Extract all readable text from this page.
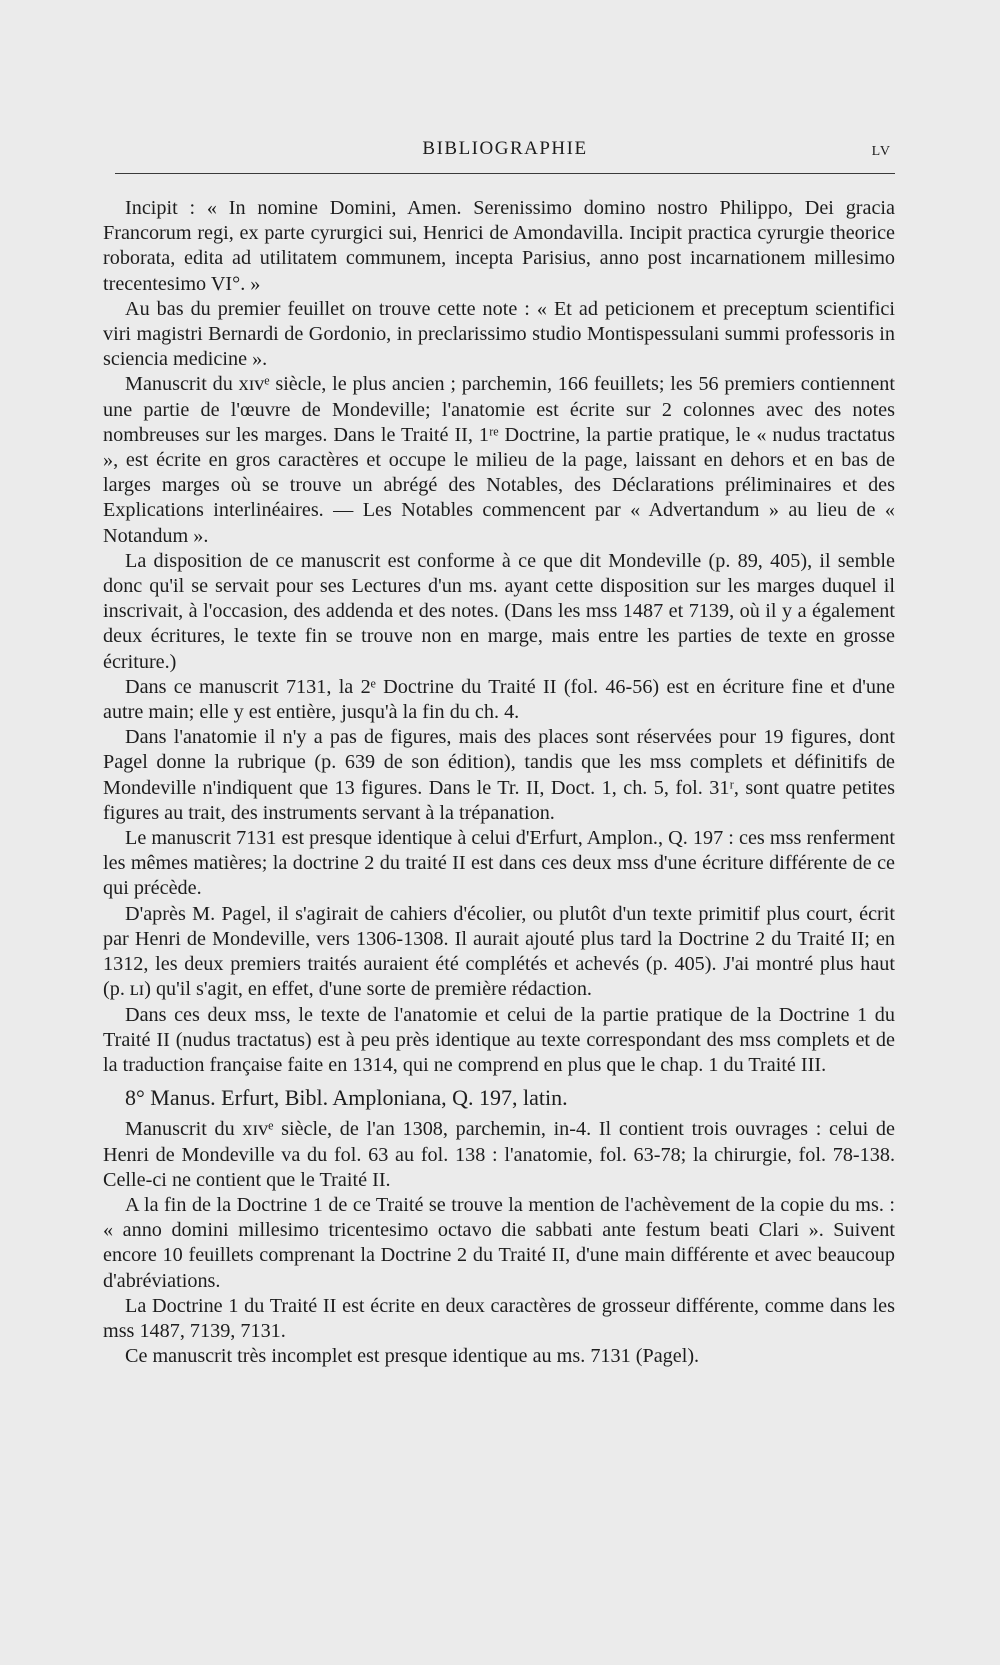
BIBLIOGRAPHIE	LV

Incipit : « In nomine Domini, Amen. Serenissimo domino nostro Philippo, Dei gracia Francorum regi, ex parte cyrurgici sui, Henrici de Amondavilla. Incipit practica cyrurgie theorice roborata, edita ad utilitatem communem, incepta Parisius, anno post incarnationem millesimo trecentesimo VI°. »

Au bas du premier feuillet on trouve cette note : « Et ad peticionem et preceptum scientifici viri magistri Bernardi de Gordonio, in preclarissimo studio Montispessulani summi professoris in sciencia medicine ».

Manuscrit du xɪvᵉ siècle, le plus ancien ; parchemin, 166 feuillets; les 56 premiers contiennent une partie de l'œuvre de Mondeville; l'anatomie est écrite sur 2 colonnes avec des notes nombreuses sur les marges. Dans le Traité II, 1ʳᵉ Doctrine, la partie pratique, le « nudus tractatus », est écrite en gros caractères et occupe le milieu de la page, laissant en dehors et en bas de larges marges où se trouve un abrégé des Notables, des Déclarations préliminaires et des Explications interlinéaires. — Les Notables commencent par « Advertandum » au lieu de « Notandum ».

La disposition de ce manuscrit est conforme à ce que dit Mondeville (p. 89, 405), il semble donc qu'il se servait pour ses Lectures d'un ms. ayant cette disposition sur les marges duquel il inscrivait, à l'occasion, des addenda et des notes. (Dans les mss 1487 et 7139, où il y a également deux écritures, le texte fin se trouve non en marge, mais entre les parties de texte en grosse écriture.)

Dans ce manuscrit 7131, la 2ᵉ Doctrine du Traité II (fol. 46-56) est en écriture fine et d'une autre main; elle y est entière, jusqu'à la fin du ch. 4.

Dans l'anatomie il n'y a pas de figures, mais des places sont réservées pour 19 figures, dont Pagel donne la rubrique (p. 639 de son édition), tandis que les mss complets et définitifs de Mondeville n'indiquent que 13 figures. Dans le Tr. II, Doct. 1, ch. 5, fol. 31ʳ, sont quatre petites figures au trait, des instruments servant à la trépanation.

Le manuscrit 7131 est presque identique à celui d'Erfurt, Amplon., Q. 197 : ces mss renferment les mêmes matières; la doctrine 2 du traité II est dans ces deux mss d'une écriture différente de ce qui précède.

D'après M. Pagel, il s'agirait de cahiers d'écolier, ou plutôt d'un texte primitif plus court, écrit par Henri de Mondeville, vers 1306-1308. Il aurait ajouté plus tard la Doctrine 2 du Traité II; en 1312, les deux premiers traités auraient été complétés et achevés (p. 405). J'ai montré plus haut (p. ʟɪ) qu'il s'agit, en effet, d'une sorte de première rédaction.

Dans ces deux mss, le texte de l'anatomie et celui de la partie pratique de la Doctrine 1 du Traité II (nudus tractatus) est à peu près identique au texte correspondant des mss complets et de la traduction française faite en 1314, qui ne comprend en plus que le chap. 1 du Traité III.

8° Manus. Erfurt, Bibl. Amploniana, Q. 197, latin.

Manuscrit du xɪvᵉ siècle, de l'an 1308, parchemin, in-4. Il contient trois ouvrages : celui de Henri de Mondeville va du fol. 63 au fol. 138 : l'anatomie, fol. 63-78; la chirurgie, fol. 78-138. Celle-ci ne contient que le Traité II.

A la fin de la Doctrine 1 de ce Traité se trouve la mention de l'achèvement de la copie du ms. : « anno domini millesimo tricentesimo octavo die sabbati ante festum beati Clari ». Suivent encore 10 feuillets comprenant la Doctrine 2 du Traité II, d'une main différente et avec beaucoup d'abréviations.

La Doctrine 1 du Traité II est écrite en deux caractères de grosseur différente, comme dans les mss 1487, 7139, 7131.

Ce manuscrit très incomplet est presque identique au ms. 7131 (Pagel).
